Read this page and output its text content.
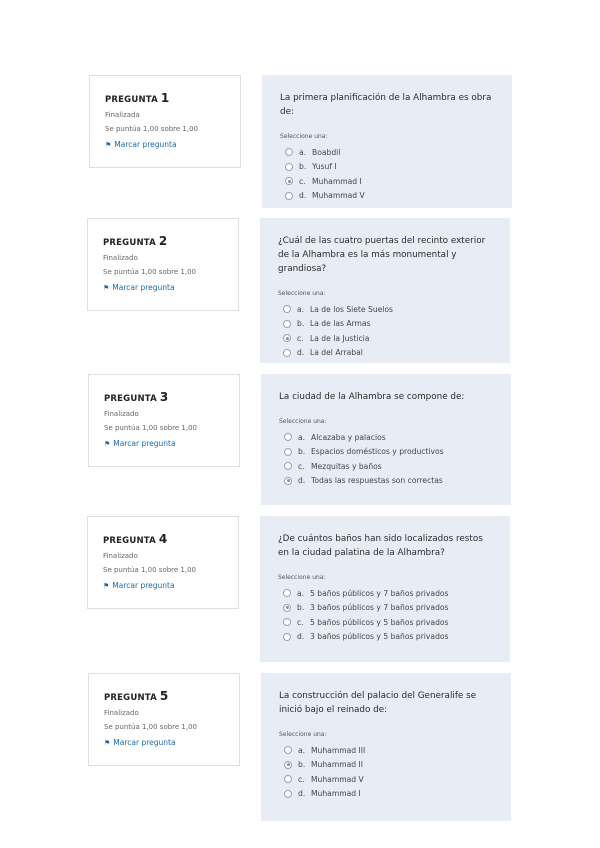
PREGUNTA 1
Finalizada
Se puntúa 1,00 sobre 1,00
⚑ Marcar pregunta
La primera planificación de la Alhambra es obra de:
Seleccione una:
a. Boabdil
b. Yusuf I
c. Muhammad I
d. Muhammad V
PREGUNTA 2
Finalizado
Se puntúa 1,00 sobre 1,00
⚑ Marcar pregunta
¿Cuál de las cuatro puertas del recinto exterior de la Alhambra es la más monumental y grandiosa?
Seleccione una:
a. La de los Siete Suelos
b. La de las Armas
c. La de la Justicia
d. La del Arrabal
PREGUNTA 3
Finalizado
Se puntúa 1,00 sobre 1,00
⚑ Marcar pregunta
La ciudad de la Alhambra se compone de:
Seleccione una:
a. Alcazaba y palacios
b. Espacios domésticos y productivos
c. Mezquitas y baños
d. Todas las respuestas son correctas
PREGUNTA 4
Finalizado
Se puntúa 1,00 sobre 1,00
⚑ Marcar pregunta
¿De cuántos baños han sido localizados restos en la ciudad palatina de la Alhambra?
Seleccione una:
a. 5 baños públicos y 7 baños privados
b. 3 baños públicos y 7 baños privados
c. 5 baños públicos y 5 baños privados
d. 3 baños públicos y 5 baños privados
PREGUNTA 5
Finalizado
Se puntúa 1,00 sobre 1,00
⚑ Marcar pregunta
La construcción del palacio del Generalife se inició bajo el reinado de:
Seleccione una:
a. Muhammad III
b. Muhammad II
c. Muhammad V
d. Muhammad I
